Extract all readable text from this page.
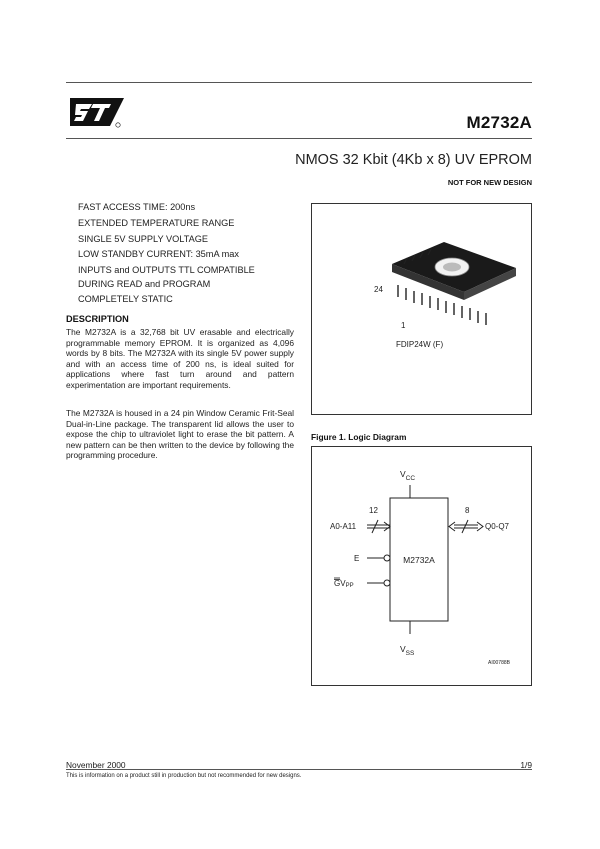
M2732A
NMOS 32 Kbit (4Kb x 8) UV EPROM
NOT FOR NEW DESIGN
FAST ACCESS TIME: 200ns
EXTENDED TEMPERATURE RANGE
SINGLE 5V SUPPLY VOLTAGE
LOW STANDBY CURRENT: 35mA max
INPUTS and OUTPUTS TTL COMPATIBLE
DURING READ and PROGRAM
COMPLETELY STATIC
DESCRIPTION

The M2732A is a 32,768 bit UV erasable and electrically programmable memory EPROM. It is organized as 4,096 words by 8 bits. The M2732A with its single 5V power supply and with an access time of 200 ns, is ideal suited for applications where fast turn around and pattern experimentation are important requirements.

The M2732A is housed in a 24 pin Window Ceramic Frit-Seal Dual-in-Line package. The transparent lid allows the user to expose the chip to ultraviolet light to erase the bit pattern. A new pattern can be then written to the device by following the programming procedure.

24
1
FDIP24W (F)
Figure 1. Logic Diagram
$V_{CC}$
M2732A
12
A0-A11
8
Q0-Q7
E
GVPP
$V_{SS}$
AI00788B
November 2000	1/9
This is information on a product still in production but not recommended for new designs.
